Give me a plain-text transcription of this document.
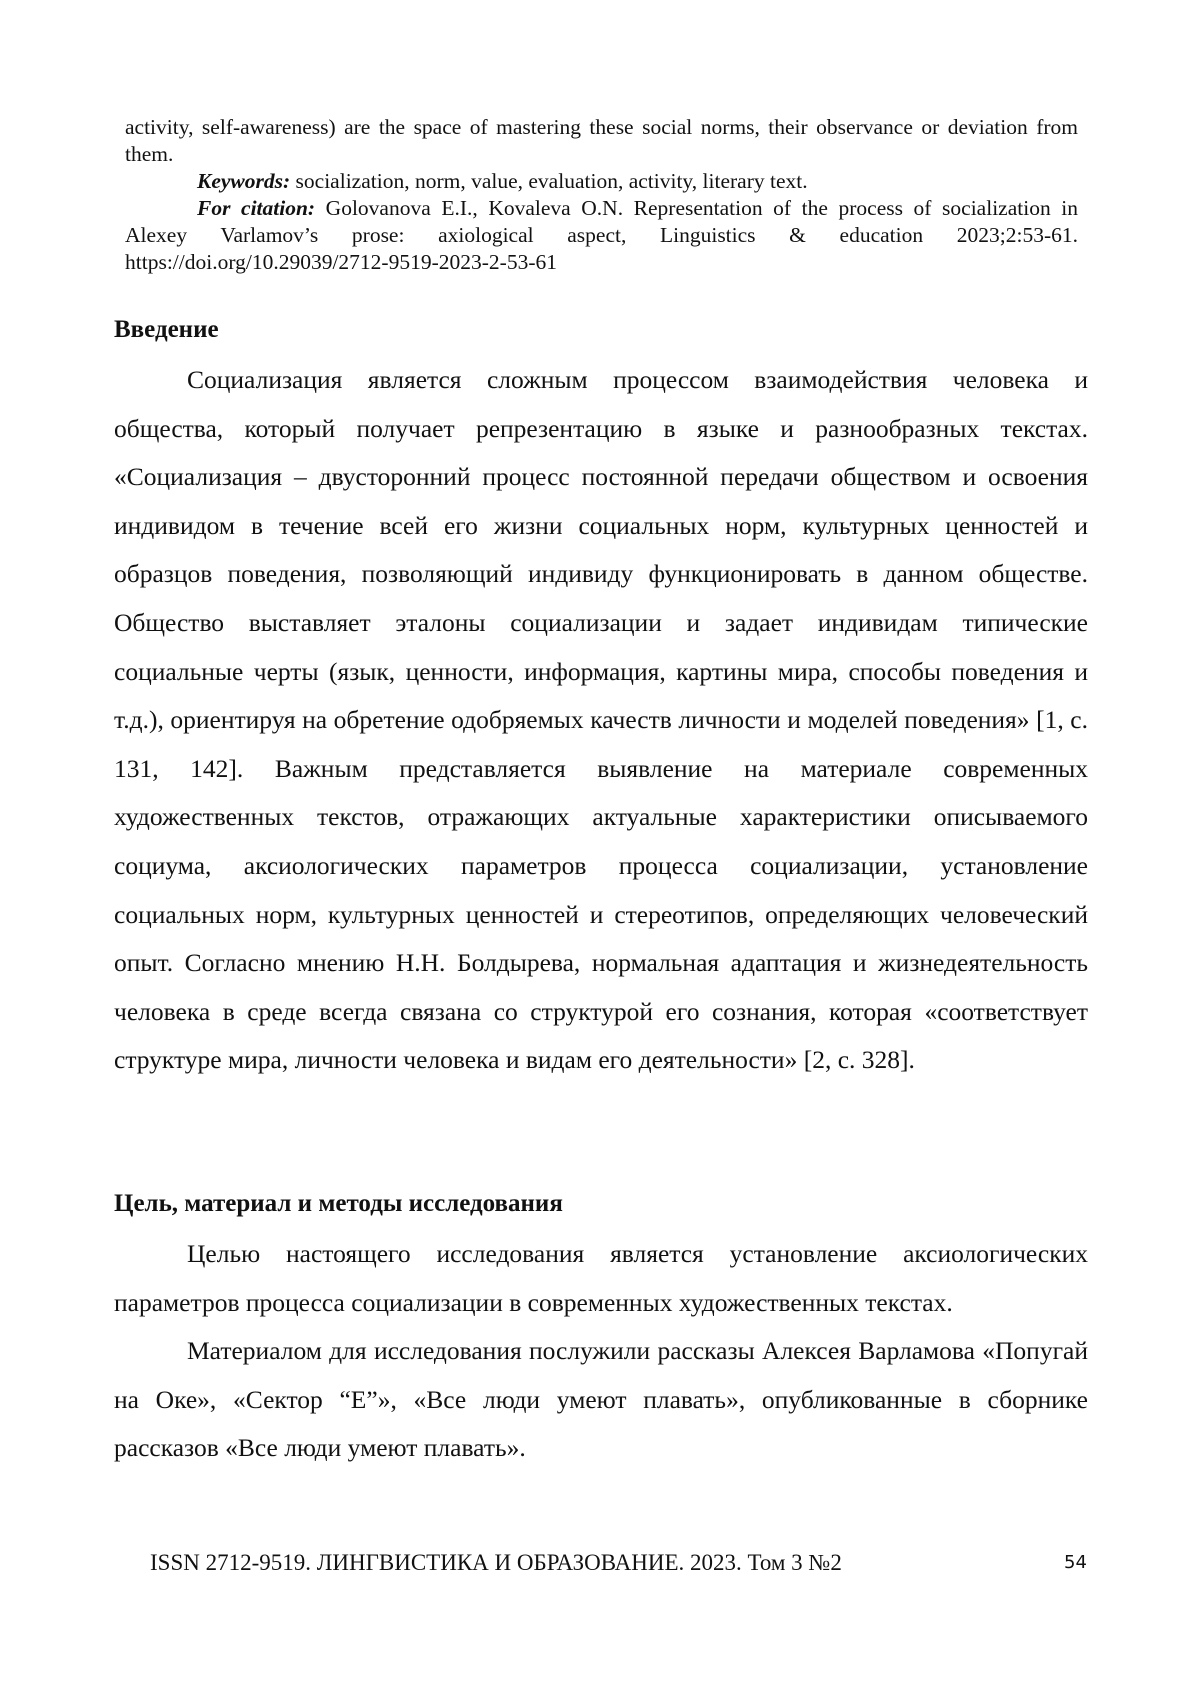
activity, self-awareness) are the space of mastering these social norms, their observance or deviation from them.

Keywords: socialization, norm, value, evaluation, activity, literary text.

For citation: Golovanova E.I., Kovaleva O.N. Representation of the process of socialization in Alexey Varlamov’s prose: axiological aspect, Linguistics & education 2023;2:53-61. https://doi.org/10.29039/2712-9519-2023-2-53-61

Введение

Социализация является сложным процессом взаимодействия человека и общества, который получает репрезентацию в языке и разнообразных текстах. «Социализация – двусторонний процесс постоянной передачи обществом и освоения индивидом в течение всей его жизни социальных норм, культурных ценностей и образцов поведения, позволяющий индивиду функционировать в данном обществе. Общество выставляет эталоны социализации и задает индивидам типические социальные черты (язык, ценности, информация, картины мира, способы поведения и т.д.), ориентируя на обретение одобряемых качеств личности и моделей поведения» [1, с. 131, 142]. Важным представляется выявление на материале современных художественных текстов, отражающих актуальные характеристики описываемого социума, аксиологических параметров процесса социализации, установление социальных норм, культурных ценностей и стереотипов, определяющих человеческий опыт. Согласно мнению Н.Н. Болдырева, нормальная адаптация и жизнедеятельность человека в среде всегда связана со структурой его сознания, которая «соответствует структуре мира, личности человека и видам его деятельности» [2, с. 328].

Цель, материал и методы исследования

Целью настоящего исследования является установление аксиологических параметров процесса социализации в современных художественных текстах.

Материалом для исследования послужили рассказы Алексея Варламова «Попугай на Оке», «Сектор “Е”», «Все люди умеют плавать», опубликованные в сборнике рассказов «Все люди умеют плавать».

ISSN 2712-9519. ЛИНГВИСТИКА И ОБРАЗОВАНИЕ. 2023. Том 3 №2	54
